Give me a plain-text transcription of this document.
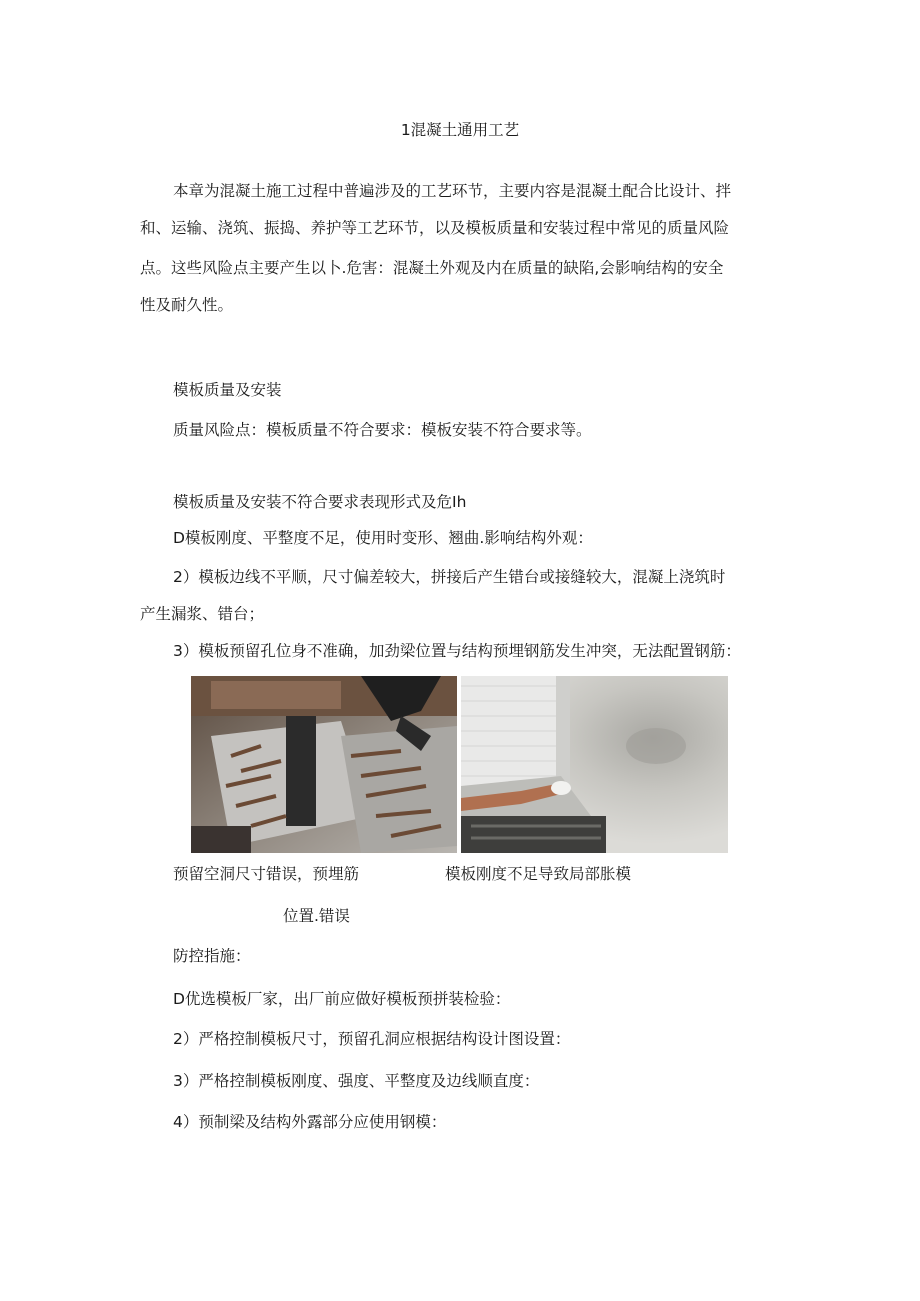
1混凝土通用工艺
本章为混凝土施工过程中普遍涉及的工艺环节，主要内容是混凝土配合比设计、拌
和、运输、浇筑、振捣、养护等工艺环节，以及模板质量和安装过程中常见的质量风险
点。这些风险点主要产生以卜.危害：混凝土外观及内在质量的缺陷,会影响结构的安全
性及耐久性。
模板质量及安装
质量风险点：模板质量不符合要求：模板安装不符合要求等。
模板质量及安装不符合要求表现形式及危Ih
D模板刚度、平整度不足，使用时变形、翘曲.影响结构外观：
2）模板边线不平顺，尺寸偏差较大，拼接后产生错台或接缝较大，混凝上浇筑时
产生漏浆、错台；
3）模板预留孔位身不准确，加劲梁位置与结构预埋钢筋发生冲突，无法配置钢筋：
预留空洞尺寸错误，预埋筋	模板刚度不足导致局部胀模
位置.错误
防控指施：
D优选模板厂家，出厂前应做好模板预拼装检验：
2）严格控制模板尺寸，预留孔洞应根据结构设计图设置：
3）严格控制模板刚度、强度、平整度及边线顺直度：
4）预制梁及结构外露部分应使用钢模：
